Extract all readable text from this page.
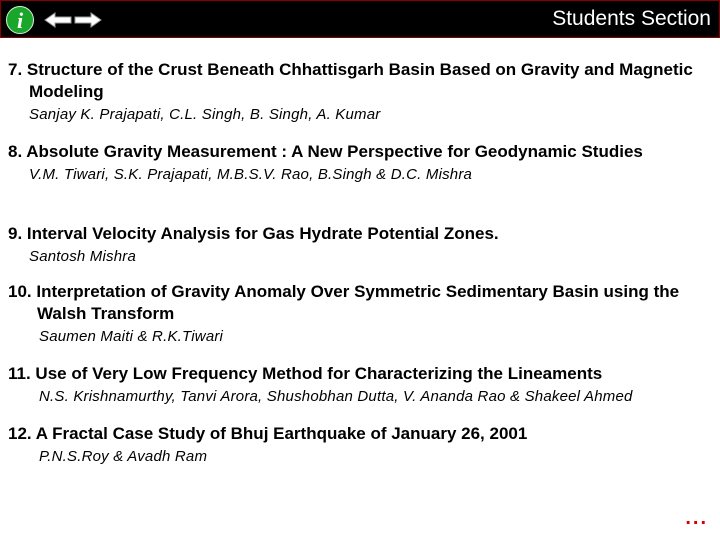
i	Students Section
7. Structure of the Crust Beneath Chhattisgarh Basin Based on Gravity and Magnetic Modeling
Sanjay K. Prajapati, C.L. Singh, B. Singh, A. Kumar
8. Absolute Gravity Measurement : A New Perspective for Geodynamic Studies
V.M. Tiwari, S.K. Prajapati, M.B.S.V. Rao, B.Singh & D.C. Mishra
9. Interval Velocity Analysis for Gas Hydrate Potential Zones.
Santosh Mishra
10. Interpretation of Gravity Anomaly Over Symmetric Sedimentary Basin using the Walsh Transform
Saumen Maiti & R.K.Tiwari
11. Use of Very Low Frequency Method for Characterizing the Lineaments
N.S. Krishnamurthy, Tanvi Arora, Shushobhan Dutta, V. Ananda Rao & Shakeel Ahmed
12. A Fractal Case Study of Bhuj Earthquake of January 26, 2001
P.N.S.Roy & Avadh Ram
...
